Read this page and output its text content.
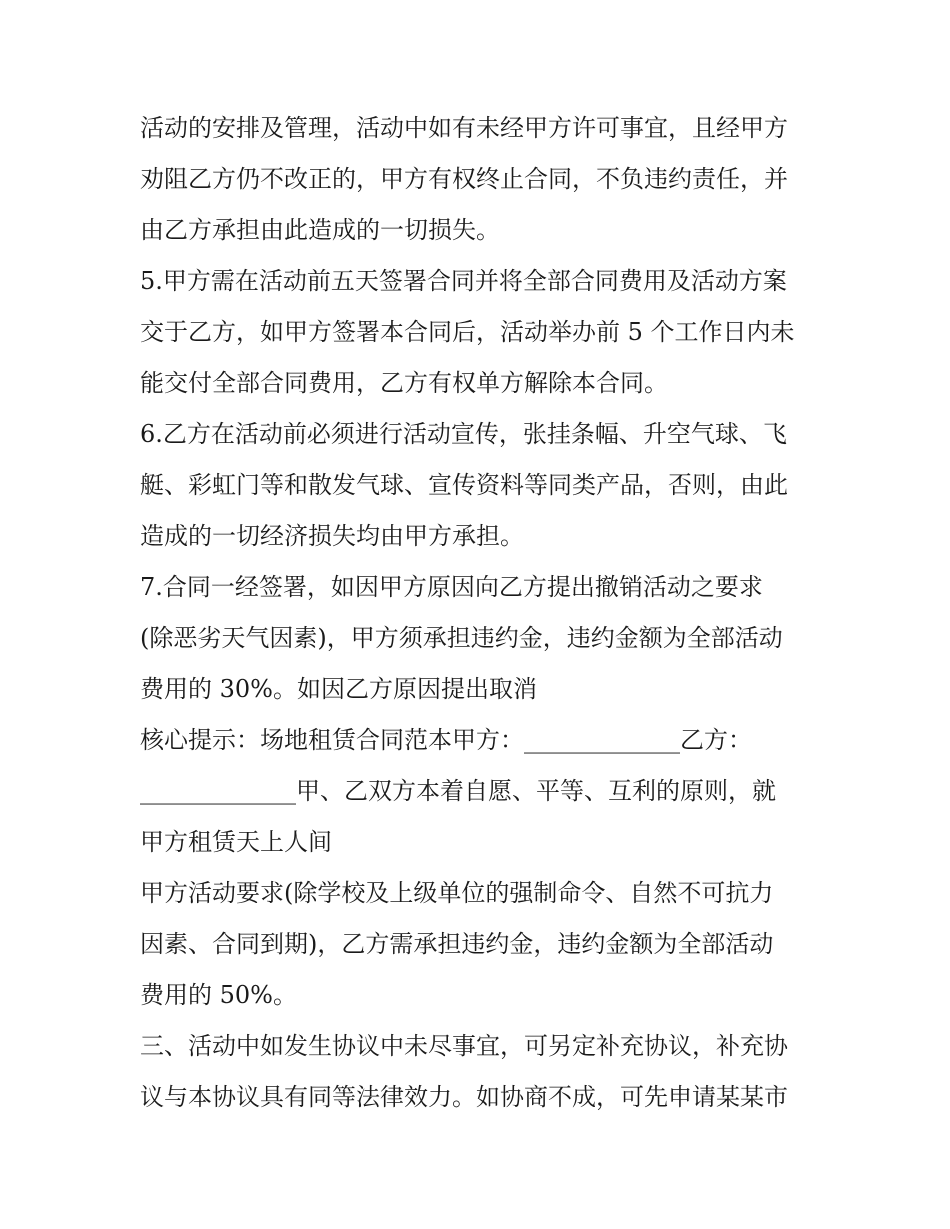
活动的安排及管理，活动中如有未经甲方许可事宜，且经甲方
劝阻乙方仍不改正的，甲方有权终止合同，不负违约责任，并
由乙方承担由此造成的一切损失。
5.甲方需在活动前五天签署合同并将全部合同费用及活动方案
交于乙方，如甲方签署本合同后，活动举办前 5 个工作日内未
能交付全部合同费用，乙方有权单方解除本合同。
6.乙方在活动前必须进行活动宣传，张挂条幅、升空气球、飞
艇、彩虹门等和散发气球、宣传资料等同类产品，否则，由此
造成的一切经济损失均由甲方承担。
7.合同一经签署，如因甲方原因向乙方提出撤销活动之要求
(除恶劣天气因素)，甲方须承担违约金，违约金额为全部活动
费用的 30%。如因乙方原因提出取消
核心提示：场地租赁合同范本甲方：_____________乙方：
_____________甲、乙双方本着自愿、平等、互利的原则，就
甲方租赁天上人间
甲方活动要求(除学校及上级单位的强制命令、自然不可抗力
因素、合同到期)，乙方需承担违约金，违约金额为全部活动
费用的 50%。
三、活动中如发生协议中未尽事宜，可另定补充协议，补充协
议与本协议具有同等法律效力。如协商不成，可先申请某某市
